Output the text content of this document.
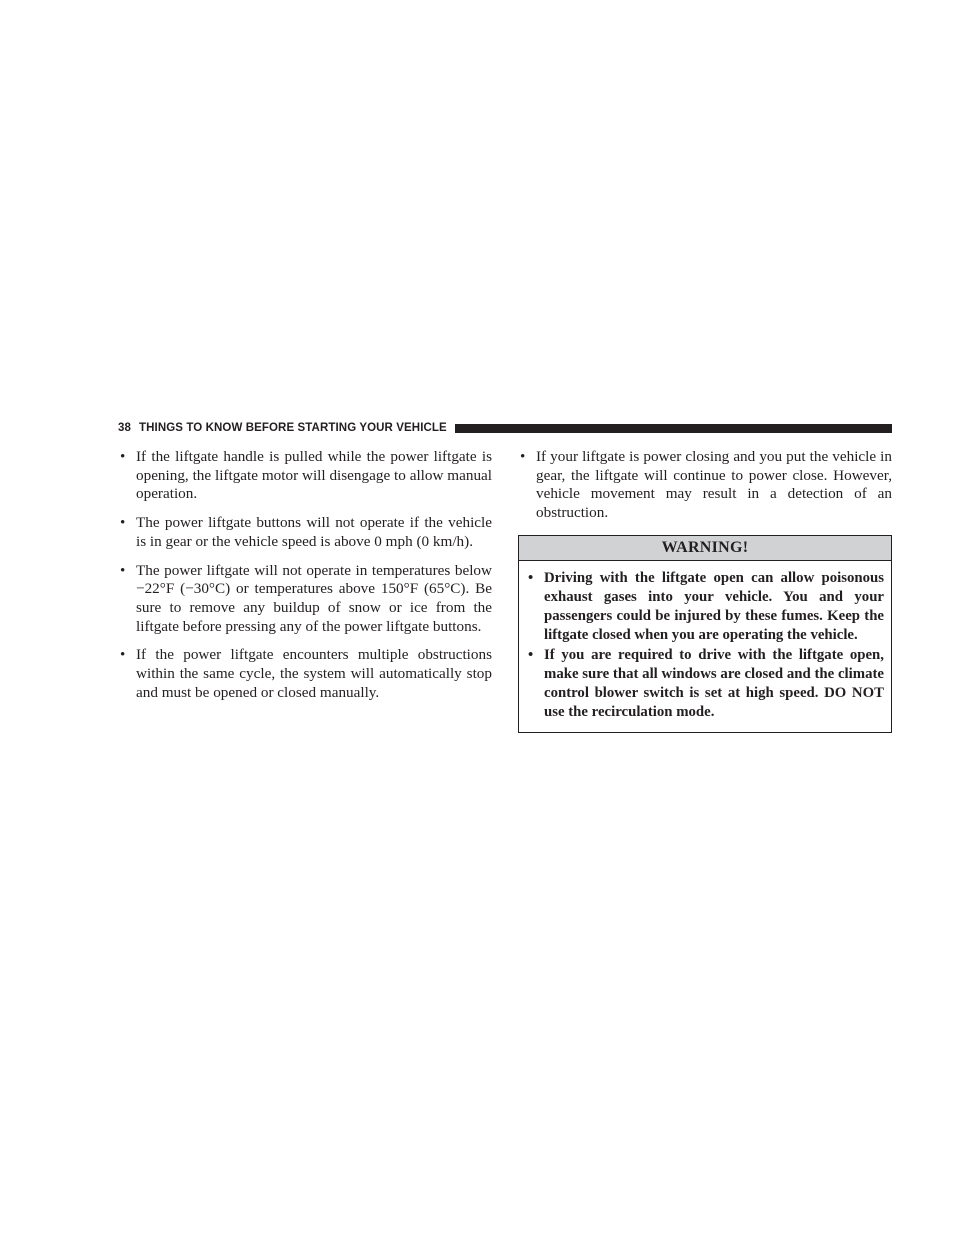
38 THINGS TO KNOW BEFORE STARTING YOUR VEHICLE
• If the liftgate handle is pulled while the power liftgate is opening, the liftgate motor will disengage to allow manual operation.
• The power liftgate buttons will not operate if the vehicle is in gear or the vehicle speed is above 0 mph (0 km/h).
• The power liftgate will not operate in temperatures below −22°F (−30°C) or temperatures above 150°F (65°C). Be sure to remove any buildup of snow or ice from the liftgate before pressing any of the power liftgate buttons.
• If the power liftgate encounters multiple obstructions within the same cycle, the system will automatically stop and must be opened or closed manually.
• If your liftgate is power closing and you put the vehicle in gear, the liftgate will continue to power close. However, vehicle movement may result in a detection of an obstruction.
WARNING!
• Driving with the liftgate open can allow poisonous exhaust gases into your vehicle. You and your passengers could be injured by these fumes. Keep the liftgate closed when you are operating the vehicle.
• If you are required to drive with the liftgate open, make sure that all windows are closed and the climate control blower switch is set at high speed. DO NOT use the recirculation mode.
